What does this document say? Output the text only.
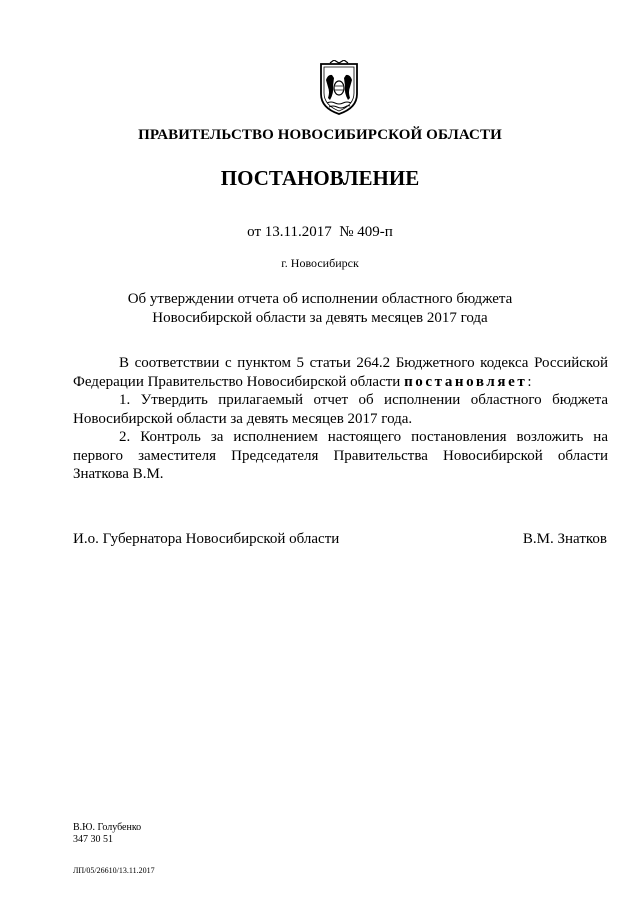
ПРАВИТЕЛЬСТВО НОВОСИБИРСКОЙ ОБЛАСТИ
ПОСТАНОВЛЕНИЕ
от 13.11.2017  № 409-п
г. Новосибирск
Об утверждении отчета об исполнении областного бюджета
Новосибирской области за девять месяцев 2017 года

В соответствии с пунктом 5 статьи 264.2 Бюджетного кодекса Российской Федерации Правительство Новосибирской области постановляет:

1. Утвердить прилагаемый отчет об исполнении областного бюджета Новосибирской области за девять месяцев 2017 года.

2. Контроль за исполнением настоящего постановления возложить на первого заместителя Председателя Правительства Новосибирской области Знаткова В.М.

И.о. Губернатора Новосибирской области	В.М. Знатков
В.Ю. Голубенко
347 30 51
ЛП/05/26610/13.11.2017
